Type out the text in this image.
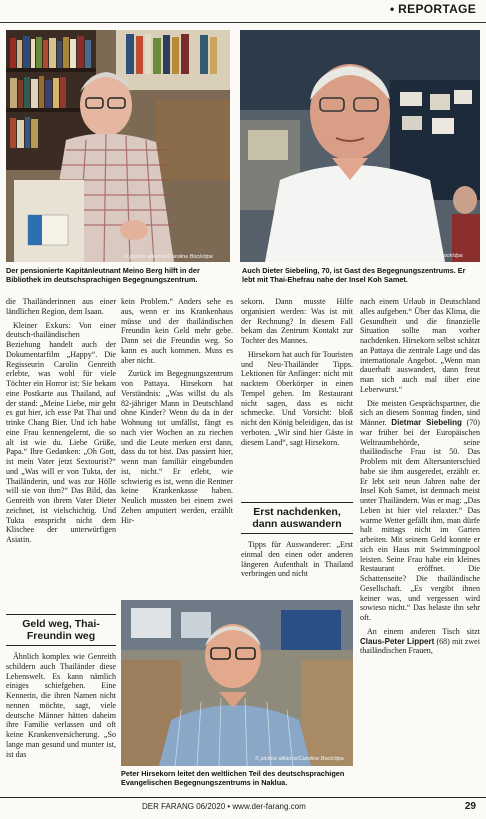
• REPORTAGE
© picture alliance/Caroline Bock/dpa
Der pensionierte Kapitänleutnant Meino Berg hilft in der Bibliothek im deutschsprachigen Begegnungszentrum.
© picture alliance/Caroline Bock/dpa
Auch Dieter Siebeling, 70, ist Gast des Begegnungszentrums. Er lebt mit Thai-Ehefrau nahe der Insel Koh Samet.

die Thailänderinnen aus einer ländlichen Region, dem Isaan.

Kleiner Exkurs: Von einer deutsch-thailändischen Beziehung handelt auch der Dokumentarfilm „Happy“. Die Regisseurin Carolin Genreith erlebte, was wohl für viele Töchter ein Horror ist: Sie bekam eine Postkarte aus Thailand, auf der stand: „Meine Liebe, mir geht es gut hier, ich esse Pat Thai und trinke Chang Bier. Und ich habe eine Frau kennengelernt, die so alt ist wie du. Liebe Grüße, Papa.“ Ihre Gedanken: „Oh Gott, ist mein Vater jetzt Sextourist?“ und „Was will er von Tukta, der Thailänderin, und was zur Hölle will sie von ihm?“ Das Bild, das Genreith von ihrem Vater Dieter zeichnet, ist vielschichtig. Und Tukta entspricht nicht dem Klischee der unterwürfigen Asiatin.

Geld weg, Thai-Freundin weg

Ähnlich komplex wie Genreith schildern auch Thailänder diese Lebenswelt. Es kann nämlich einiges schiefgehen. Eine Kennerin, die ihren Namen nicht nennen möchte, sagt, viele deutsche Männer hätten daheim ihre Familie verlassen und oft keine Krankenversicherung. „So lange man gesund und munter ist, ist das

kein Problem.“ Anders sehe es aus, wenn er ins Krankenhaus müsse und der thailändischen Freundin kein Geld mehr gebe. Dann sei die Freundin weg. So kann es auch kommen. Muss es aber nicht.

Zurück im Begegnungszentrum von Pattaya. Hirsekorn hat Verständnis: „Was willst du als 82-jähriger Mann in Deutschland ohne Kinder? Wenn du da in der Wohnung tot umfällst, fängt es nach vier Wochen an zu riechen und die Leute merken erst dann, dass du tot bist. Das passiert hier, wenn man familiär eingebunden ist, nicht.“ Er erlebt, wie schwierig es ist, wenn die Rentner keine Krankenkasse haben. Neulich mussten bei einem zwei Zehen amputiert werden, erzählt Hir-

sekorn. Dann musste Hilfe organisiert werden: Was ist mit der Rechnung? In diesem Fall bekam das Zentrum Kontakt zur Tochter des Mannes.

Hirsekorn hat auch für Touristen und Neu-Thailänder Tipps. Lektionen für Anfänger: nicht mit nacktem Oberkörper in einen Tempel gehen. Im Restaurant nicht sagen, dass es nicht schmecke. Und Vorsicht: bloß nicht den König beleidigen, das ist verboten. „Wir sind hier Gäste in diesem Land“, sagt Hirsekorn.

Erst nachdenken, dann auswandern

Tipps für Auswanderer: „Erst einmal den einen oder anderen längeren Aufenthalt in Thailand verbringen und nicht

nach einem Urlaub in Deutschland alles aufgeben.“ Über das Klima, die Gesundheit und die finanzielle Situation sollte man vorher nachdenken. Hirsekorn selbst schätzt an Pattaya die zentrale Lage und das internationale Angebot. „Wenn man dauerhaft auswandert, dann freut man sich auch mal über eine Leberwurst.“

Die meisten Gesprächspartner, die sich an diesem Sonntag finden, sind Männer. Dietmar Siebeling (70) war früher bei der Europäischen Weltraumbehörde, seine thailändische Frau ist 50. Das Problem mit dem Altersunterschied habe sie ihm ausgeredet, erzählt er. Er lebt seit neun Jahren nahe der Insel Koh Samet, ist demnach meist unter Thailändern. Was er mag: „Das Leben ist hier viel relaxter.“ Das warme Wetter gefällt ihm, man dürfe halt mittags nicht im Garten arbeiten. Mit seinem Geld konnte er sich ein Haus mit Swimmingpool leisten. Seine Frau habe ein kleines Restaurant eröffnet. Die Schattenseite? Die thailändische Gesellschaft. „Es vergibt ihnen keiner was, und vergessen wird sowieso nicht.“ Das belaste ihn sehr oft.

An einem anderen Tisch sitzt Claus-Peter Lippert (68) mit zwei thailändischen Frauen,

© picture alliance/Caroline Bock/dpa
Peter Hirsekorn leitet den weltlichen Teil des deutschsprachigen Evangelischen Begegnungszentrums in Naklua.
DER FARANG 06/2020 • www.der-farang.com	29
